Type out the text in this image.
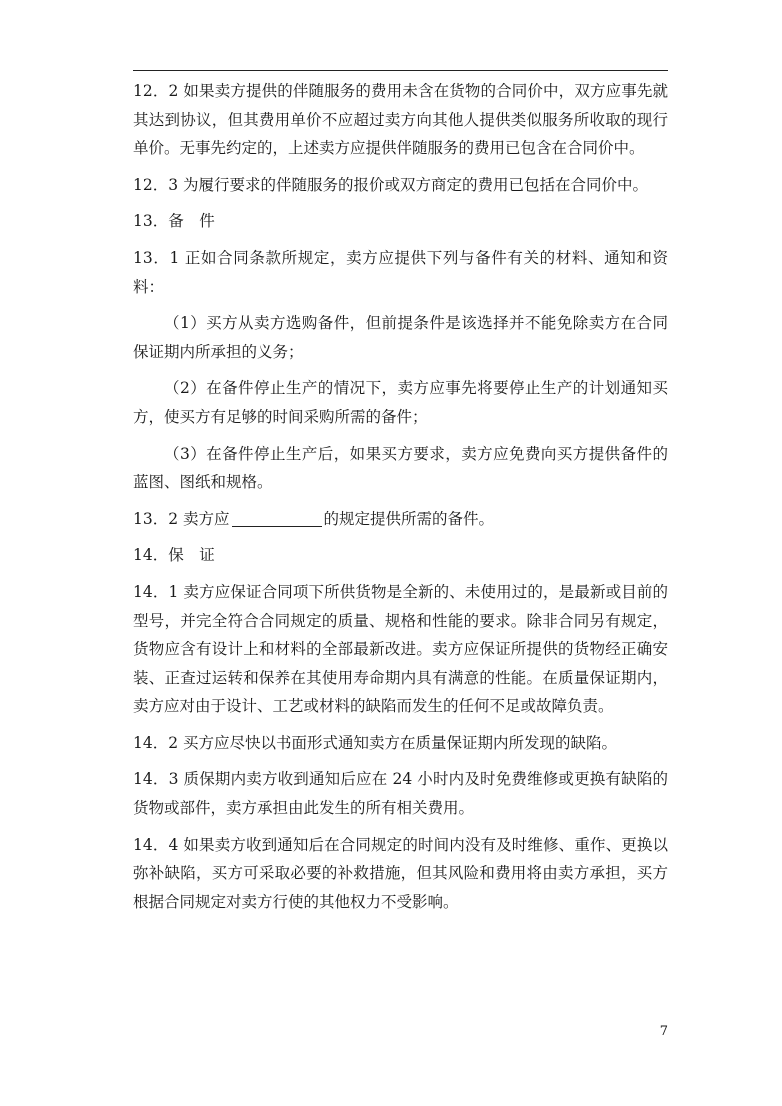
12．2 如果卖方提供的伴随服务的费用未含在货物的合同价中，双方应事先就其达到协议，但其费用单价不应超过卖方向其他人提供类似服务所收取的现行单价。无事先约定的，上述卖方应提供伴随服务的费用已包含在合同价中。

12．3 为履行要求的伴随服务的报价或双方商定的费用已包括在合同价中。

13．备　件

13．1 正如合同条款所规定，卖方应提供下列与备件有关的材料、通知和资料：

（1）买方从卖方选购备件，但前提条件是该选择并不能免除卖方在合同保证期内所承担的义务；

（2）在备件停止生产的情况下，卖方应事先将要停止生产的计划通知买方，使买方有足够的时间采购所需的备件；

（3）在备件停止生产后，如果买方要求，卖方应免费向买方提供备件的蓝图、图纸和规格。

13．2 卖方应	的规定提供所需的备件。

14．保　证

14．1 卖方应保证合同项下所供货物是全新的、未使用过的，是最新或目前的型号，并完全符合合同规定的质量、规格和性能的要求。除非合同另有规定，货物应含有设计上和材料的全部最新改进。卖方应保证所提供的货物经正确安装、正查过运转和保养在其使用寿命期内具有满意的性能。在质量保证期内，卖方应对由于设计、工艺或材料的缺陷而发生的任何不足或故障负责。

14．2 买方应尽快以书面形式通知卖方在质量保证期内所发现的缺陷。

14．3 质保期内卖方收到通知后应在 24 小时内及时免费维修或更换有缺陷的货物或部件，卖方承担由此发生的所有相关费用。

14．4 如果卖方收到通知后在合同规定的时间内没有及时维修、重作、更换以弥补缺陷，买方可采取必要的补救措施，但其风险和费用将由卖方承担，买方根据合同规定对卖方行使的其他权力不受影响。

7
